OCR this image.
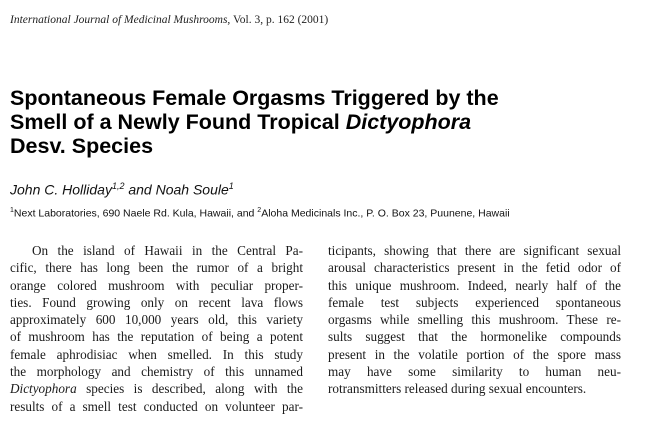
International Journal of Medicinal Mushrooms, Vol. 3, p. 162 (2001)
Spontaneous Female Orgasms Triggered by the
Smell of a Newly Found Tropical Dictyophora
Desv. Species
John C. Holliday$^{1,2}$ and Noah Soule$^1$
$^1$Next Laboratories, 690 Naele Rd. Kula, Hawaii, and $^2$Aloha Medicinals Inc., P. O. Box 23, Puunene, Hawaii
On the island of Hawaii in the Central Pa-
cific, there has long been the rumor of a bright
orange colored mushroom with peculiar proper-
ties. Found growing only on recent lava flows
approximately 600 10,000 years old, this variety
of mushroom has the reputation of being a potent
female aphrodisiac when smelled. In this study
the morphology and chemistry of this unnamed
Dictyophora species is described, along with the
results of a smell test conducted on volunteer par-
ticipants, showing that there are significant sexual
arousal characteristics present in the fetid odor of
this unique mushroom. Indeed, nearly half of the
female test subjects experienced spontaneous
orgasms while smelling this mushroom. These re-
sults suggest that the hormonelike compounds
present in the volatile portion of the spore mass
may have some similarity to human neu-
rotransmitters released during sexual encounters.
